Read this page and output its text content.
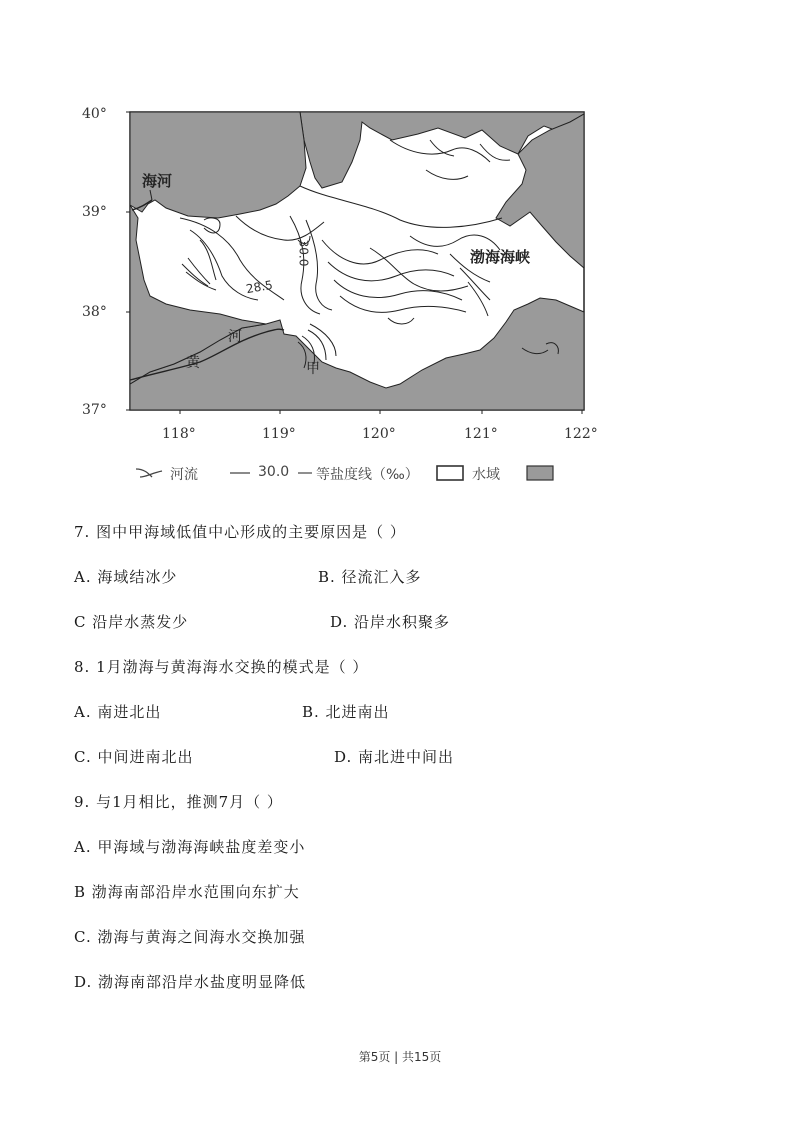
40°
39°
38°
37°
118°	119°	120°	121°	122°
海河
渤海海峡
甲
黄
河
30.0
28.5
河流	30.0 等盐度线（‰）	水域
7. 图中甲海域低值中心形成的主要原因是（ ）
A. 海域结冰少	B. 径流汇入多
C 沿岸水蒸发少	D. 沿岸水积聚多
8. 1月渤海与黄海海水交换的模式是（ ）
A. 南进北出	B. 北进南出
C. 中间进南北出	D. 南北进中间出
9. 与1月相比，推测7月（ ）
A. 甲海域与渤海海峡盐度差变小
B 渤海南部沿岸水范围向东扩大
C. 渤海与黄海之间海水交换加强
D. 渤海南部沿岸水盐度明显降低
第5页 | 共15页
